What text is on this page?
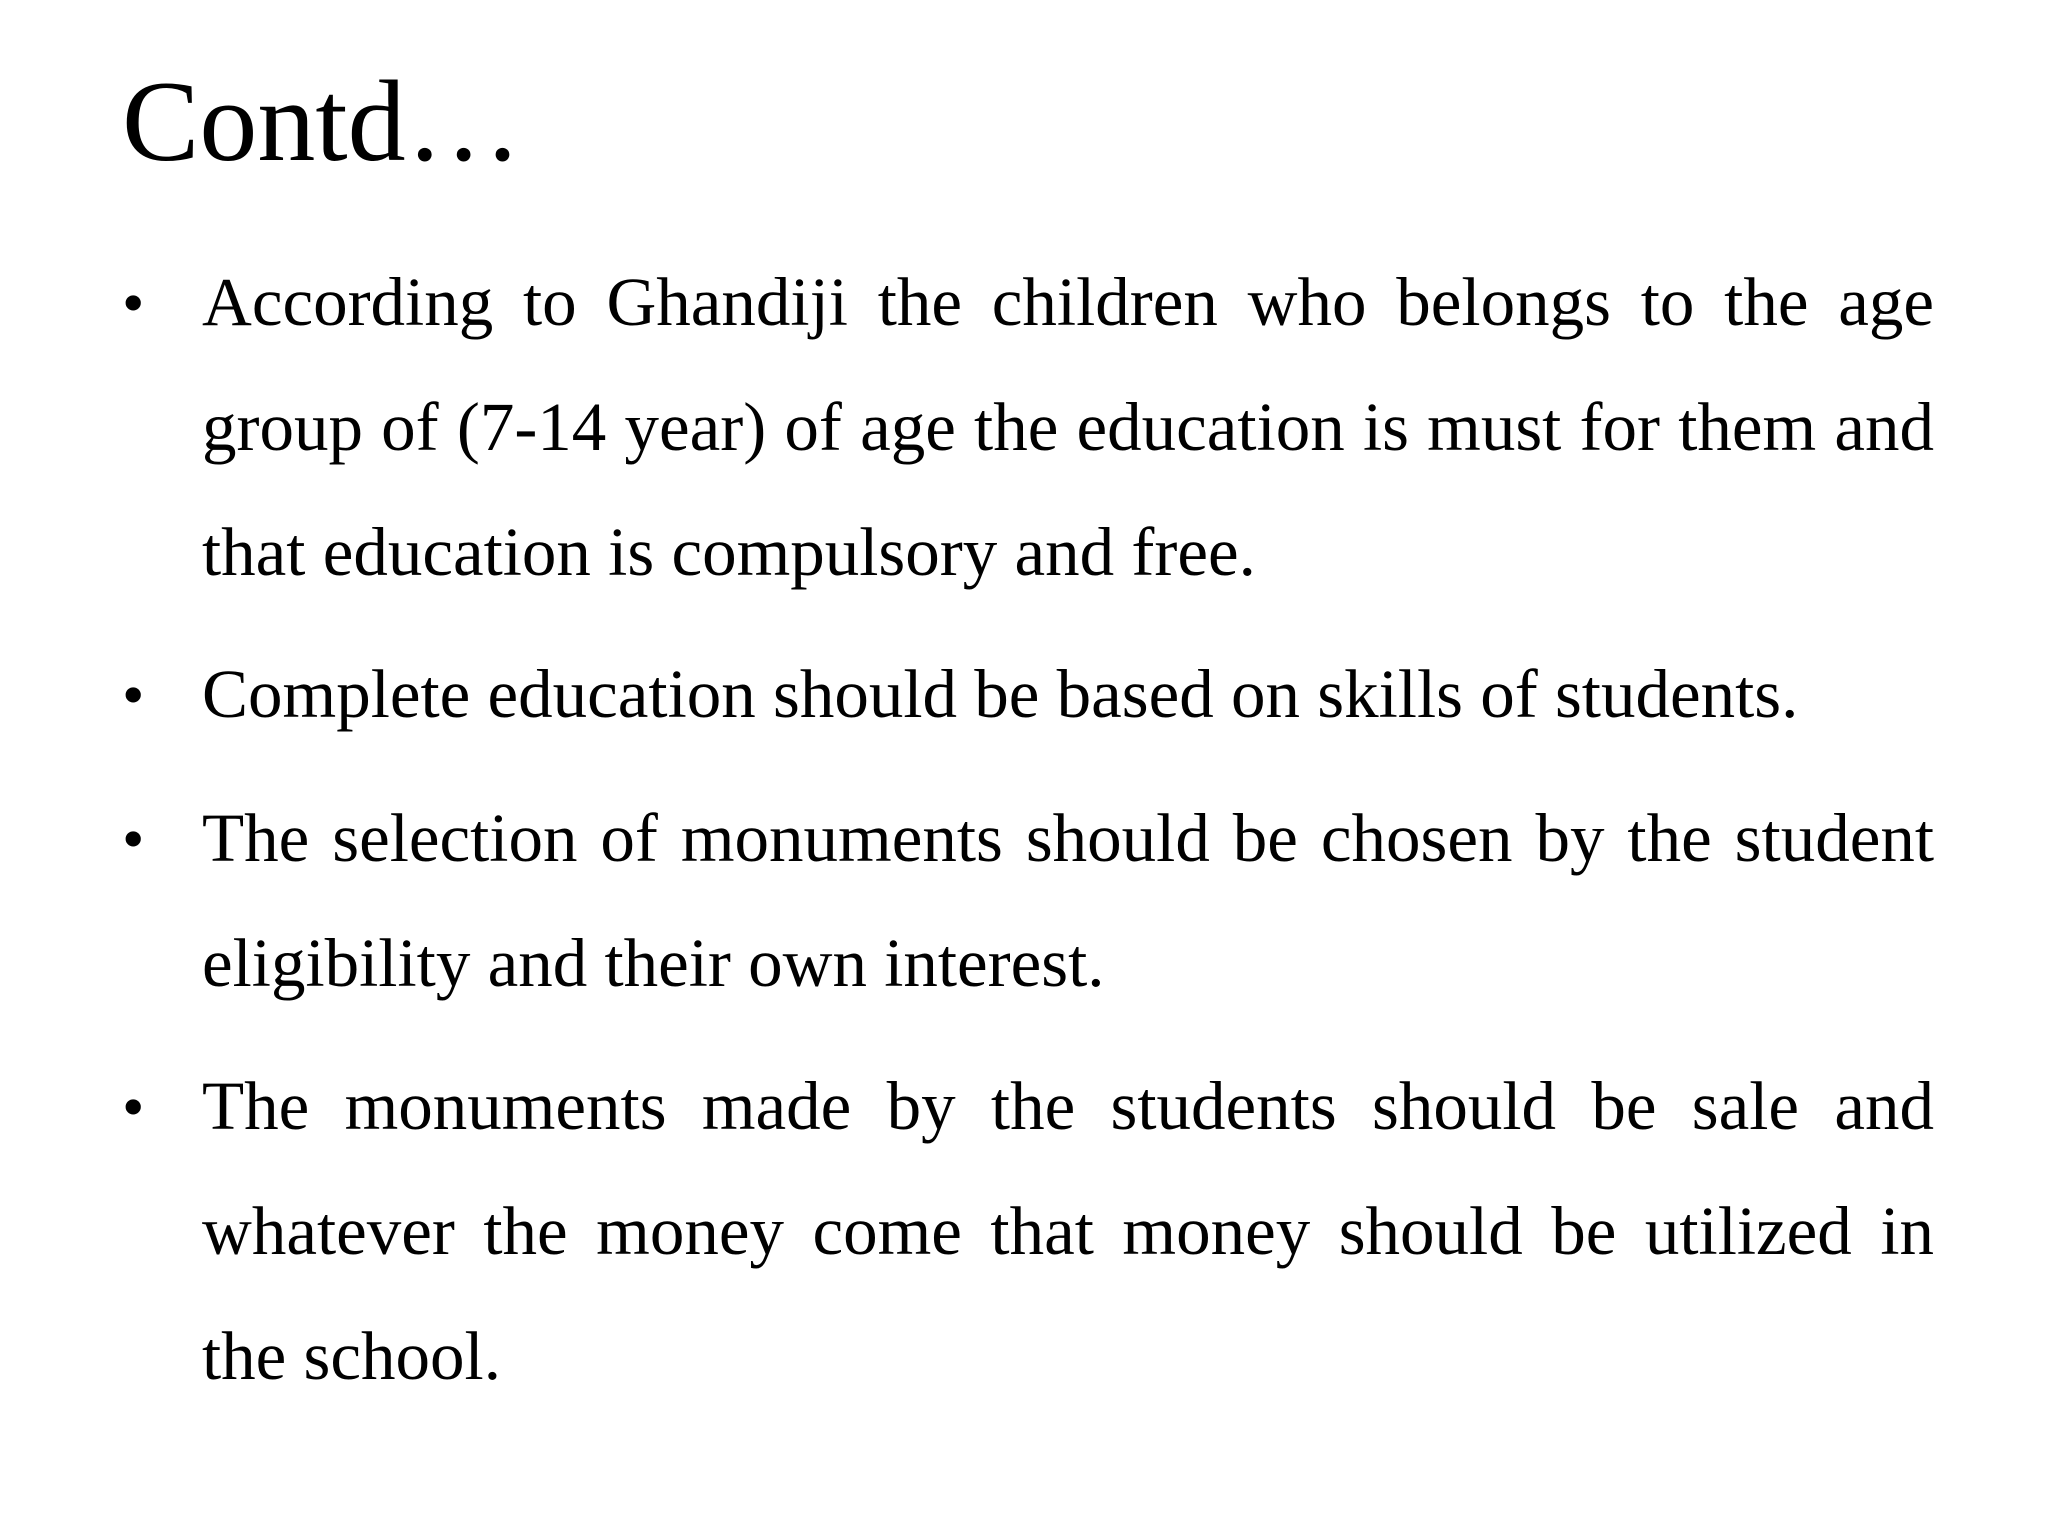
Contd…
• According to Ghandiji the children who belongs to the age group of (7-14 year) of age the education is must for them and that education is compulsory and free.
• Complete education should be based on skills of students.
• The selection of monuments should be chosen by the student eligibility and their own interest.
• The monuments made by the students should be sale and whatever the money come that money should be utilized in the school.
